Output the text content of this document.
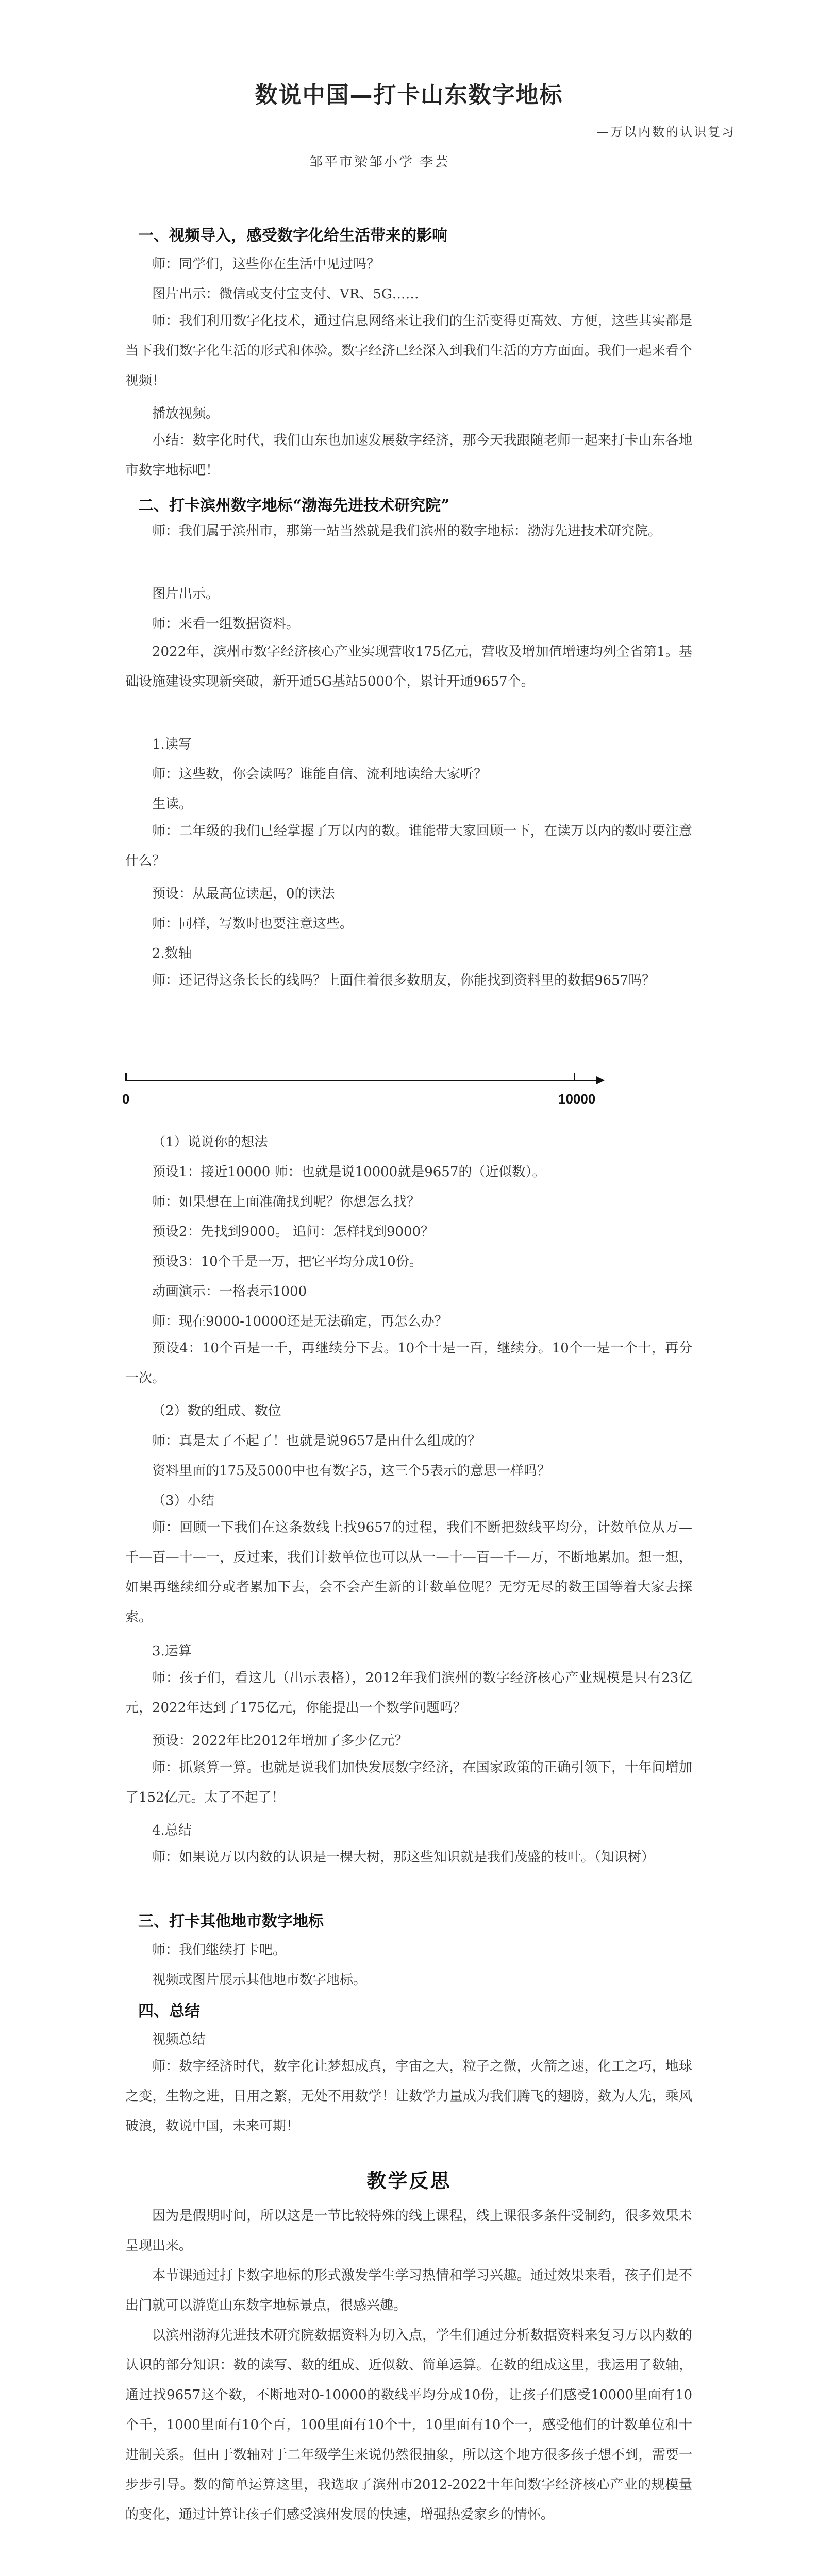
数说中国—打卡山东数字地标
—万以内数的认识复习
邹平市梁邹小学 李芸
一、视频导入，感受数字化给生活带来的影响

师：同学们，这些你在生活中见过吗？

图片出示：微信或支付宝支付、VR、5G……

师：我们利用数字化技术，通过信息网络来让我们的生活变得更高效、方便，这些其实都是当下我们数字化生活的形式和体验。数字经济已经深入到我们生活的方方面面。我们一起来看个视频！

播放视频。

小结：数字化时代，我们山东也加速发展数字经济，那今天我跟随老师一起来打卡山东各地市数字地标吧！

二、打卡滨州数字地标“渤海先进技术研究院”

师：我们属于滨州市，那第一站当然就是我们滨州的数字地标：渤海先进技术研究院。

图片出示。

师：来看一组数据资料。

2022年，滨州市数字经济核心产业实现营收175亿元，营收及增加值增速均列全省第1。基础设施建设实现新突破，新开通5G基站5000个，累计开通9657个。

1.读写

师：这些数，你会读吗？谁能自信、流利地读给大家听？

生读。

师：二年级的我们已经掌握了万以内的数。谁能带大家回顾一下，在读万以内的数时要注意什么？

预设：从最高位读起，0的读法

师：同样，写数时也要注意这些。

2.数轴

师：还记得这条长长的线吗？上面住着很多数朋友，你能找到资料里的数据9657吗？

0	10000

（1）说说你的想法

预设1：接近10000 师：也就是说10000就是9657的（近似数）。

师：如果想在上面准确找到呢？你想怎么找？

预设2：先找到9000。 追问：怎样找到9000？

预设3：10个千是一万，把它平均分成10份。

动画演示：一格表示1000

师：现在9000-10000还是无法确定，再怎么办？

预设4：10个百是一千，再继续分下去。10个十是一百，继续分。10个一是一个十，再分一次。

（2）数的组成、数位

师：真是太了不起了！也就是说9657是由什么组成的？

资料里面的175及5000中也有数字5，这三个5表示的意思一样吗？

（3）小结

师：回顾一下我们在这条数线上找9657的过程，我们不断把数线平均分，计数单位从万—千—百—十—一，反过来，我们计数单位也可以从一—十—百—千—万，不断地累加。想一想，如果再继续细分或者累加下去，会不会产生新的计数单位呢？无穷无尽的数王国等着大家去探索。

3.运算

师：孩子们，看这儿（出示表格），2012年我们滨州的数字经济核心产业规模是只有23亿元，2022年达到了175亿元，你能提出一个数学问题吗？

预设：2022年比2012年增加了多少亿元？

师：抓紧算一算。也就是说我们加快发展数字经济，在国家政策的正确引领下，十年间增加了152亿元。太了不起了！

4.总结

师：如果说万以内数的认识是一棵大树，那这些知识就是我们茂盛的枝叶。（知识树）

三、打卡其他地市数字地标

师：我们继续打卡吧。

视频或图片展示其他地市数字地标。

四、总结

视频总结

师：数字经济时代，数字化让梦想成真，宇宙之大，粒子之微，火箭之速，化工之巧，地球之变，生物之进，日用之繁，无处不用数学！让数学力量成为我们腾飞的翅膀，数为人先，乘风破浪，数说中国，未来可期！

教学反思

因为是假期时间，所以这是一节比较特殊的线上课程，线上课很多条件受制约，很多效果未呈现出来。

本节课通过打卡数字地标的形式激发学生学习热情和学习兴趣。通过效果来看，孩子们是不出门就可以游览山东数字地标景点，很感兴趣。

以滨州渤海先进技术研究院数据资料为切入点，学生们通过分析数据资料来复习万以内数的认识的部分知识：数的读写、数的组成、近似数、简单运算。在数的组成这里，我运用了数轴，通过找9657这个数，不断地对0-10000的数线平均分成10份，让孩子们感受10000里面有10个千，1000里面有10个百，100里面有10个十，10里面有10个一，感受他们的计数单位和十进制关系。但由于数轴对于二年级学生来说仍然很抽象，所以这个地方很多孩子想不到，需要一步步引导。数的简单运算这里，我选取了滨州市2012-2022十年间数字经济核心产业的规模量的变化，通过计算让孩子们感受滨州发展的快速，增强热爱家乡的情怀。
